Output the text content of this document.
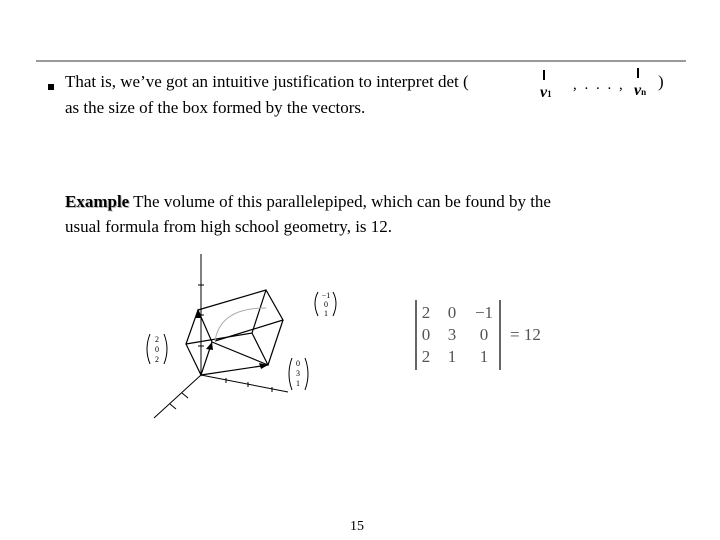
That is, we’ve got an intuitive justification to interpret det (
v1
, . . . , vn
)
as the size of the box formed by the vectors.
Example The volume of this parallelepiped, which can be found by the
usual formula from high school geometry, is 12.
−1
0
1
2
0
2	0
3
1
2 0 −1
0 3 0
2 1 1
= 12
15
